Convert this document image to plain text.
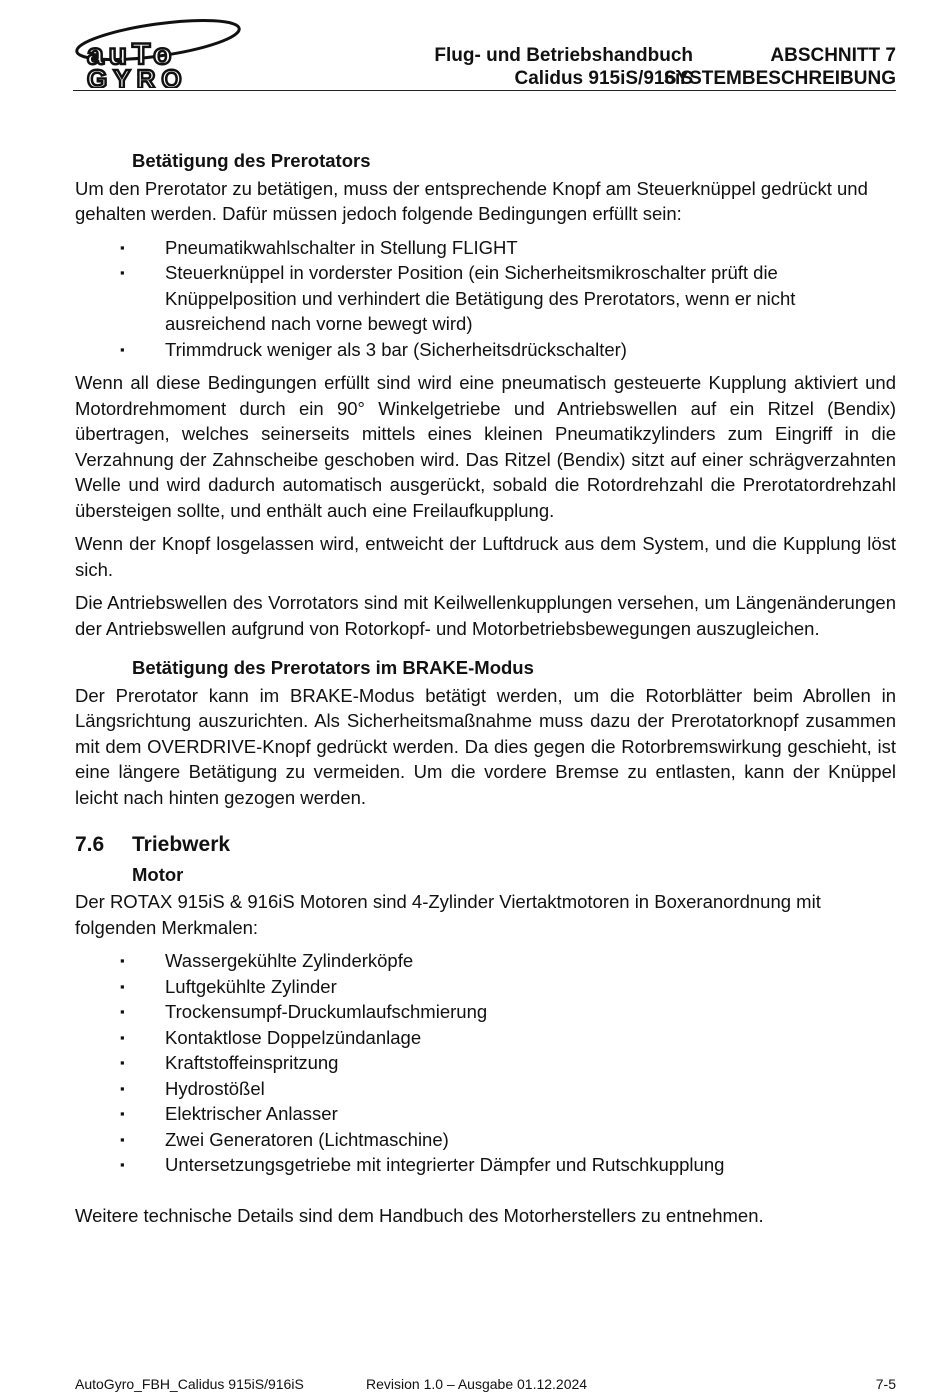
auTo
GYRO
Flug- und Betriebshandbuch
Calidus 915iS/916iS
ABSCHNITT 7
SYSTEMBESCHREIBUNG
Betätigung des Prerotators

Um den Prerotator zu betätigen, muss der entsprechende Knopf am Steuerknüppel gedrückt und gehalten werden. Dafür müssen jedoch folgende Bedingungen erfüllt sein:

▪ Pneumatikwahlschalter in Stellung FLIGHT
▪ Steuerknüppel in vorderster Position (ein Sicherheitsmikroschalter prüft die Knüppelposition und verhindert die Betätigung des Prerotators, wenn er nicht ausreichend nach vorne bewegt wird)
▪ Trimmdruck weniger als 3 bar (Sicherheitsdrückschalter)

Wenn all diese Bedingungen erfüllt sind wird eine pneumatisch gesteuerte Kupplung aktiviert und Motordrehmoment durch ein 90° Winkelgetriebe und Antriebswellen auf ein Ritzel (Bendix) übertragen, welches seinerseits mittels eines kleinen Pneumatikzylinders zum Eingriff in die Verzahnung der Zahnscheibe geschoben wird. Das Ritzel (Bendix) sitzt auf einer schrägverzahnten Welle und wird dadurch automatisch ausgerückt, sobald die Rotordrehzahl die Prerotatordrehzahl übersteigen sollte, und enthält auch eine Freilaufkupplung.

Wenn der Knopf losgelassen wird, entweicht der Luftdruck aus dem System, und die Kupplung löst sich.

Die Antriebswellen des Vorrotators sind mit Keilwellenkupplungen versehen, um Längenänderungen der Antriebswellen aufgrund von Rotorkopf- und Motorbetriebsbewegungen auszugleichen.

Betätigung des Prerotators im BRAKE-Modus

Der Prerotator kann im BRAKE-Modus betätigt werden, um die Rotorblätter beim Abrollen in Längsrichtung auszurichten. Als Sicherheitsmaßnahme muss dazu der Prerotatorknopf zusammen mit dem OVERDRIVE-Knopf gedrückt werden. Da dies gegen die Rotorbremswirkung geschieht, ist eine längere Betätigung zu vermeiden. Um die vordere Bremse zu entlasten, kann der Knüppel leicht nach hinten gezogen werden.

7.6 Triebwerk
Motor

Der ROTAX 915iS & 916iS Motoren sind 4-Zylinder Viertaktmotoren in Boxeranordnung mit folgenden Merkmalen:

▪ Wassergekühlte Zylinderköpfe
▪ Luftgekühlte Zylinder
▪ Trockensumpf-Druckumlaufschmierung
▪ Kontaktlose Doppelzündanlage
▪ Kraftstoffeinspritzung
▪ Hydrostößel
▪ Elektrischer Anlasser
▪ Zwei Generatoren (Lichtmaschine)
▪ Untersetzungsgetriebe mit integrierter Dämpfer und Rutschkupplung

Weitere technische Details sind dem Handbuch des Motorherstellers zu entnehmen.

AutoGyro_FBH_Calidus 915iS/916iS	Revision 1.0 – Ausgabe 01.12.2024	7-5
